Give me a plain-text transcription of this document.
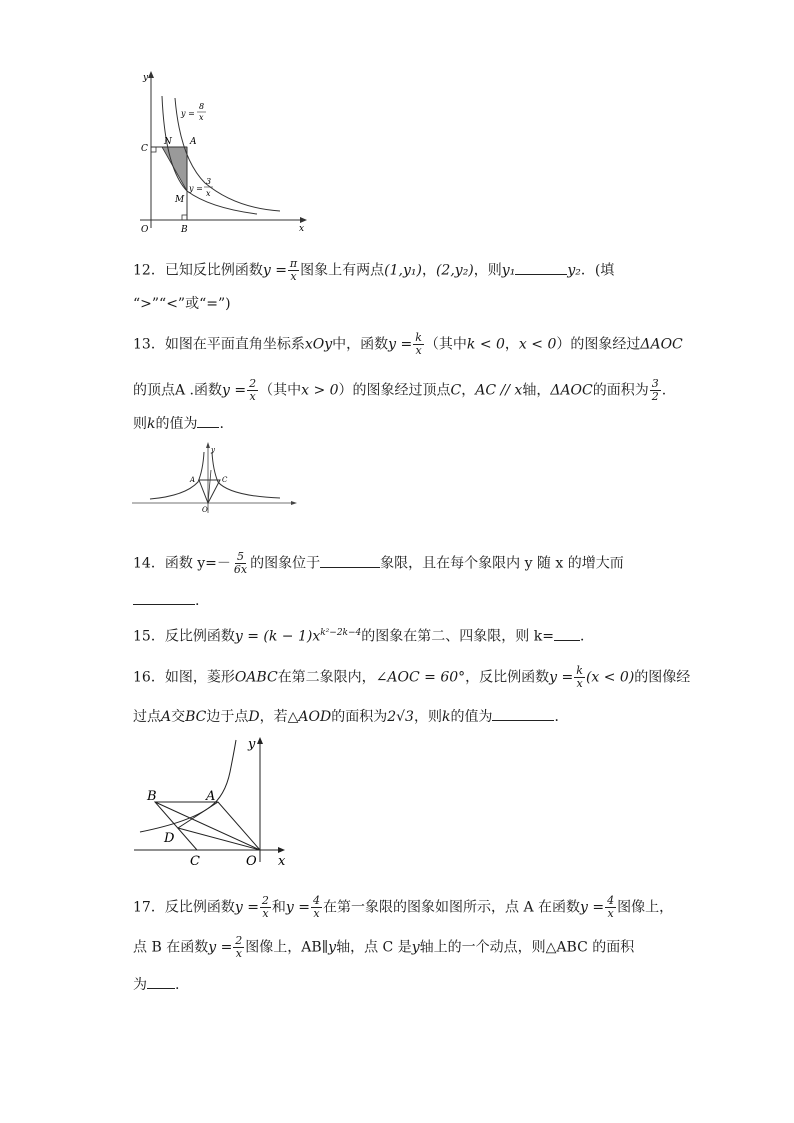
y
x
O	B
C
N A
M
y =
8
x
y =
3
x
12．已知反比例函数$y = \frac{\pi}{x}$ 图象上有两点(1,y₁)，(2,y₂)，则y₁	y₂．(填
“>”“<”或“=”)
13．如图在平面直角坐标系xOy中，函数$y = \frac{k}{x}$ （其中k < 0，x < 0）的图象经过ΔAOC
的顶点A .函数$y = \frac{2}{x}$ （其中x > 0）的图象经过顶点C，AC // x轴，ΔAOC的面积为 $\frac{3}{2}$ .
则k的值为 .
y
A	C
O
14．函数 $y=- \frac{5}{6x}$ 的图象位于	象限，且在每个象限内 y 随 x 的增大而
.
15．反比例函数$y = (k - 1)x^{k^2-2k-4}$的图象在第二、四象限，则 k= ．
16．如图，菱形OABC在第二象限内，∠AOC = 60°，反比例函数$y = \frac{k}{x} (x < 0)$的图像经
过点A交BC边于点D，若△AOD的面积为2√3，则k的值为	．
y
x
B	A
D
C	O
17．反比例函数$y = \frac{2}{x}$ 和$y = \frac{4}{x}$ 在第一象限的图象如图所示，点 A 在函数$y = \frac{4}{x}$ 图像上，
点 B 在函数$y = \frac{2}{x}$ 图像上，AB∥y轴，点 C 是y轴上的一个动点，则△ABC 的面积
为 .
